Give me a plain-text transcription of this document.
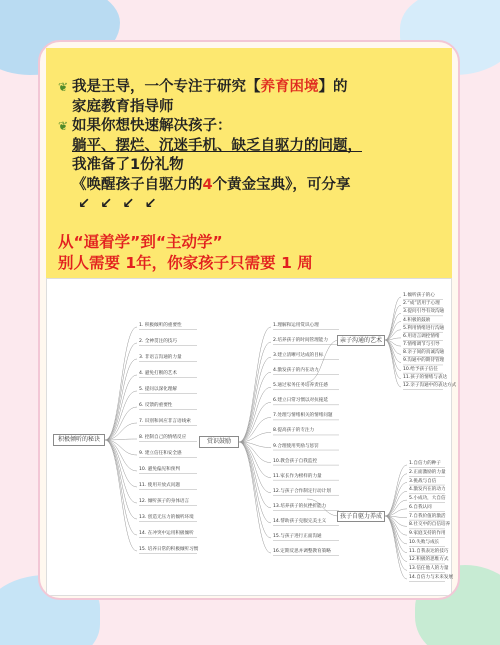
❦ 我是王导，一个专注于研究【养育困境】的
家庭教育指导师
❦ 如果你想快速解决孩子：
躺平、摆烂、沉迷手机、缺乏自驱力的问题，
我准备了1份礼物
《唤醒孩子自驱力的4个黄金宝典》，可分享
↙↙↙↙
从“逼着学”到“主动学”
别人需要 1年，你家孩子只需要 1 周
积极倾听的秘诀	赏识鼓励
亲子沟通的艺术
孩子自驱力养成
1. 积极倾听的重要性
2. 全神贯注的技巧
3. 非语言沟通的力量
4. 避免打断的艺术
5. 提问以深化理解
6. 反馈的重要性
7. 识别和回应非言语线索
8. 控制自己的情绪反应
9. 建立信任和安全感
10. 避免偏见和预判
11. 使用开放式问题
12. 倾听孩子的身体语言
13. 创造无压力的倾听环境
14. 在冲突中运用积极倾听
15. 培养日常的积极倾听习惯
1.理解和运用赏识心理
2.培养孩子的时间管理能力
3.建立清晰可达成的目标
4.激发孩子的内在动力
5.通过家务任务培养责任感
6.建立日常习惯以对抗拖延
7.处理与情绪相关的情绪问题
8.提高孩子的专注力
9.合理使用奖励与惩罚
10.教会孩子自我监控
11.家长作为榜样的力量
12.与孩子合作制定行动计划
13.培养孩子的抗挫折能力
14.帮助孩子克服完美主义
15.与孩子进行正面沟通
16.定期反思并调整教育策略
1.倾听孩子的心
2.“成”活用于心理
3.提问引导有效沟通
4.积极的鼓励
5.利用情绪进行沟通
6.用语言调控情绪
7.情绪调节与引导
8.亲子间的真诚沟通
9.沟通中的期待管理
10.给予孩子信任
11.孩子的情绪与表达
12.亲子沟通中的表达方式
1.自信力的种子
2.正面激励的力量
3.挑战与自信
4.激发内在的动力
5.小成功，大自信
6.自我认同
7.自我价值的激活
8.社交中的自信培养
9.家庭支持的作用
10.失败与成长
11.自我表达的技巧
12.积极的思维方式
13.信任他人的力量
14.自信力与未来发展
